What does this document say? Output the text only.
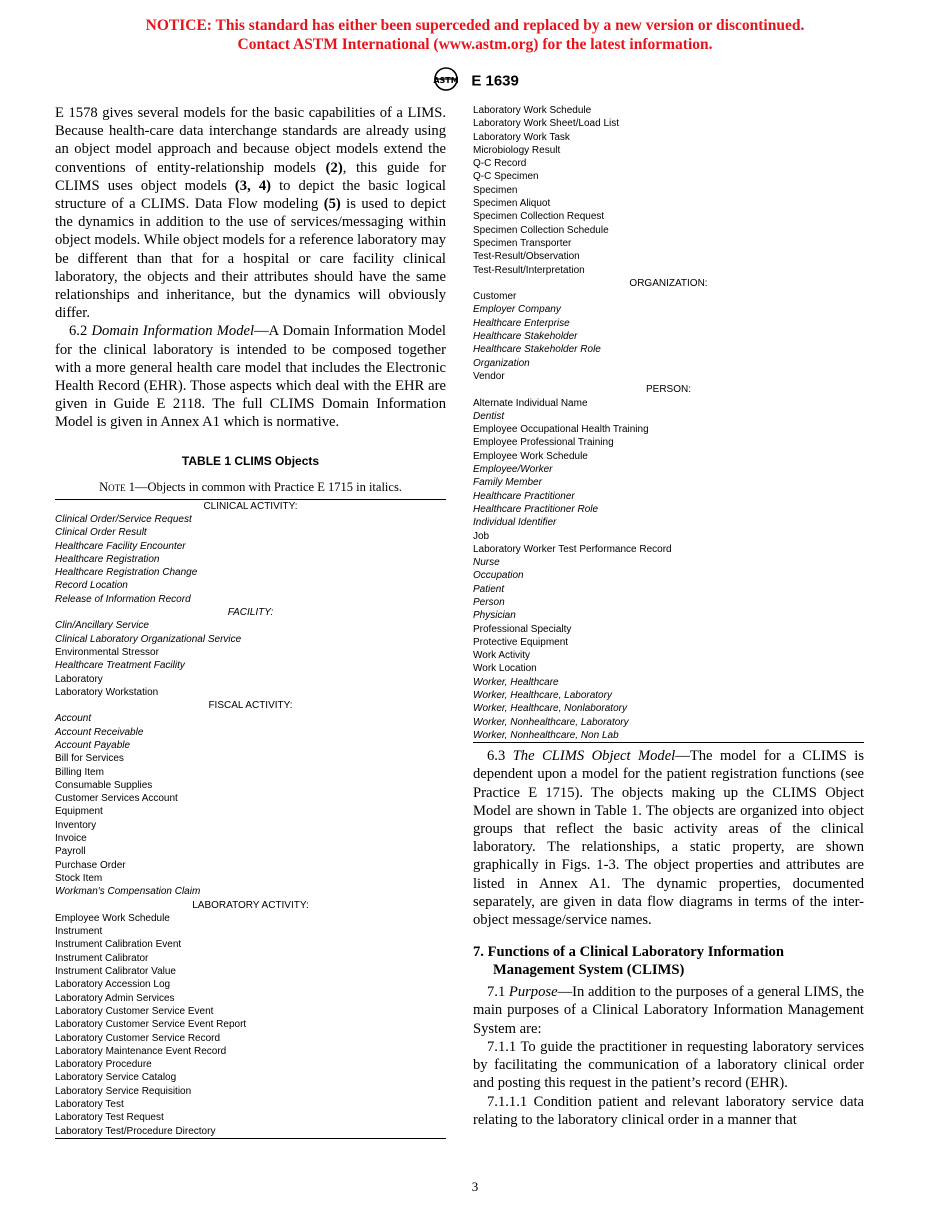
NOTICE: This standard has either been superceded and replaced by a new version or discontinued.
Contact ASTM International (www.astm.org) for the latest information.
ASTM E 1639

E 1578 gives several models for the basic capabilities of a LIMS. Because health-care data interchange standards are already using an object model approach and because object models extend the conventions of entity-relationship models (2), this guide for CLIMS uses object models (3, 4) to depict the basic logical structure of a CLIMS. Data Flow modeling (5) is used to depict the dynamics in addition to the use of services/messaging within object models. While object models for a reference laboratory may be different than that for a hospital or care facility clinical laboratory, the objects and their attributes should have the same relationships and inheritance, but the dynamics will obviously differ.

6.2 Domain Information Model—A Domain Information Model for the clinical laboratory is intended to be composed together with a more general health care model that includes the Electronic Health Record (EHR). Those aspects which deal with the EHR are given in Guide E 2118. The full CLIMS Domain Information Model is given in Annex A1 which is normative.

TABLE 1 CLIMS Objects
Note 1—Objects in common with Practice E 1715 in italics.
CLINICAL ACTIVITY:
Clinical Order/Service Request
Clinical Order Result
Healthcare Facility Encounter
Healthcare Registration
Healthcare Registration Change
Record Location
Release of Information Record
FACILITY:
Clin/Ancillary Service
Clinical Laboratory Organizational Service
Environmental Stressor
Healthcare Treatment Facility
Laboratory
Laboratory Workstation
FISCAL ACTIVITY:
Account
Account Receivable
Account Payable
Bill for Services
Billing Item
Consumable Supplies
Customer Services Account
Equipment
Inventory
Invoice
Payroll
Purchase Order
Stock Item
Workman's Compensation Claim
LABORATORY ACTIVITY:
Employee Work Schedule
Instrument
Instrument Calibration Event
Instrument Calibrator
Instrument Calibrator Value
Laboratory Accession Log
Laboratory Admin Services
Laboratory Customer Service Event
Laboratory Customer Service Event Report
Laboratory Customer Service Record
Laboratory Maintenance Event Record
Laboratory Procedure
Laboratory Service Catalog
Laboratory Service Requisition
Laboratory Test
Laboratory Test Request
Laboratory Test/Procedure Directory
Laboratory Work Schedule
Laboratory Work Sheet/Load List
Laboratory Work Task
Microbiology Result
Q-C Record
Q-C Specimen
Specimen
Specimen Aliquot
Specimen Collection Request
Specimen Collection Schedule
Specimen Transporter
Test-Result/Observation
Test-Result/Interpretation
ORGANIZATION:
Customer
Employer Company
Healthcare Enterprise
Healthcare Stakeholder
Healthcare Stakeholder Role
Organization
Vendor
PERSON:
Alternate Individual Name
Dentist
Employee Occupational Health Training
Employee Professional Training
Employee Work Schedule
Employee/Worker
Family Member
Healthcare Practitioner
Healthcare Practitioner Role
Individual Identifier
Job
Laboratory Worker Test Performance Record
Nurse
Occupation
Patient
Person
Physician
Professional Specialty
Protective Equipment
Work Activity
Work Location
Worker, Healthcare
Worker, Healthcare, Laboratory
Worker, Healthcare, Nonlaboratory
Worker, Nonhealthcare, Laboratory
Worker, Nonhealthcare, Non Lab

6.3 The CLIMS Object Model—The model for a CLIMS is dependent upon a model for the patient registration functions (see Practice E 1715). The objects making up the CLIMS Object Model are shown in Table 1. The objects are organized into object groups that reflect the basic activity areas of the clinical laboratory. The relationships, a static property, are shown graphically in Figs. 1-3. The object properties and attributes are listed in Annex A1. The dynamic properties, documented separately, are given in data flow diagrams in terms of the inter-object message/service names.

7. Functions of a Clinical Laboratory Information Management System (CLIMS)

7.1 Purpose—In addition to the purposes of a general LIMS, the main purposes of a Clinical Laboratory Information Management System are:

7.1.1 To guide the practitioner in requesting laboratory services by facilitating the communication of a laboratory clinical order and posting this request in the patient’s record (EHR).

7.1.1.1 Condition patient and relevant laboratory service data relating to the laboratory clinical order in a manner that

3
